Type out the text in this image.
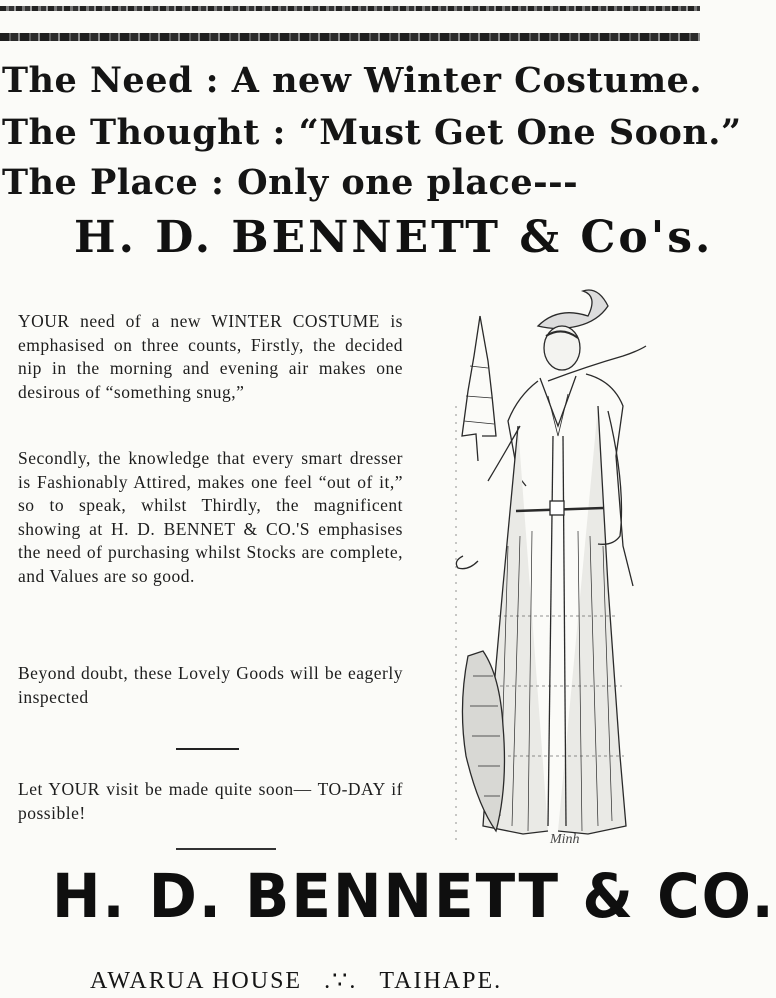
The Need : A new Winter Costume.
The Thought : “Must Get One Soon.”
The Place : Only one place---
H. D. BENNETT & Co's.

YOUR need of a new WINTER COSTUME is emphasised on three counts, Firstly, the decided nip in the morning and evening air makes one desirous of “something snug,”

Secondly, the knowledge that every smart dresser is Fashionably Attired, makes one feel “out of it,” so to speak, whilst Thirdly, the magnificent showing at H. D. BENNET & CO.'S emphasises the need of purchasing whilst Stocks are complete, and Values are so good.

Beyond doubt, these Lovely Goods will be eagerly inspected

Let YOUR visit be made quite soon— TO-DAY if possible!

Minh
H. D. BENNETT & CO.
AWARUA HOUSE .∵. TAIHAPE.
